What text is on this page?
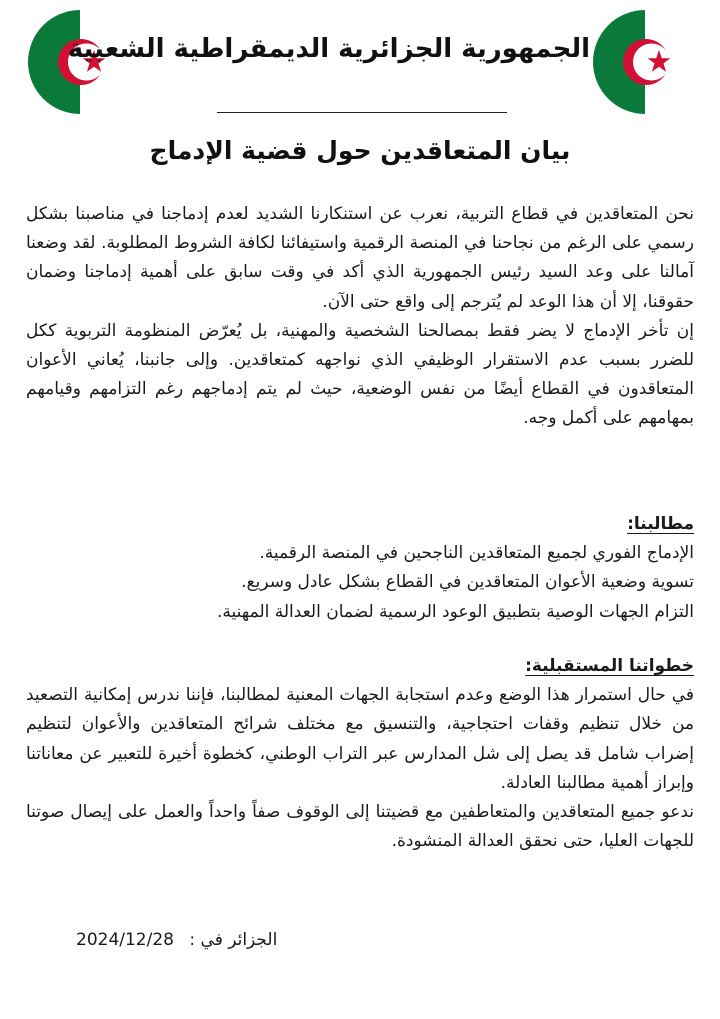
الجمهورية الجزائرية الديمقراطية الشعبية
بيان المتعاقدين حول قضية الإدماج

نحن المتعاقدين في قطاع التربية، نعرب عن استنكارنا الشديد لعدم إدماجنا في مناصبنا بشكل رسمي على الرغم من نجاحنا في المنصة الرقمية واستيفائنا لكافة الشروط المطلوبة. لقد وضعنا آمالنا على وعد السيد رئيس الجمهورية الذي أكد في وقت سابق على أهمية إدماجنا وضمان حقوقنا، إلا أن هذا الوعد لم يُترجم إلى واقع حتى الآن.

إن تأخر الإدماج لا يضر فقط بمصالحنا الشخصية والمهنية، بل يُعرّض المنظومة التربوية ككل للضرر بسبب عدم الاستقرار الوظيفي الذي نواجهه كمتعاقدين. وإلى جانبنا، يُعاني الأعوان المتعاقدون في القطاع أيضًا من نفس الوضعية، حيث لم يتم إدماجهم رغم التزامهم وقيامهم بمهامهم على أكمل وجه.

مطالبنا:

الإدماج الفوري لجميع المتعاقدين الناجحين في المنصة الرقمية.

تسوية وضعية الأعوان المتعاقدين في القطاع بشكل عادل وسريع.

التزام الجهات الوصية بتطبيق الوعود الرسمية لضمان العدالة المهنية.

خطواتنا المستقبلية:

في حال استمرار هذا الوضع وعدم استجابة الجهات المعنية لمطالبنا، فإننا ندرس إمكانية التصعيد من خلال تنظيم وقفات احتجاجية، والتنسيق مع مختلف شرائح المتعاقدين والأعوان لتنظيم إضراب شامل قد يصل إلى شل المدارس عبر التراب الوطني، كخطوة أخيرة للتعبير عن معاناتنا وإبراز أهمية مطالبنا العادلة.

ندعو جميع المتعاقدين والمتعاطفين مع قضيتنا إلى الوقوف صفاً واحداً والعمل على إيصال صوتنا للجهات العليا، حتى نحقق العدالة المنشودة.

2024/12/28 الجزائر في :
